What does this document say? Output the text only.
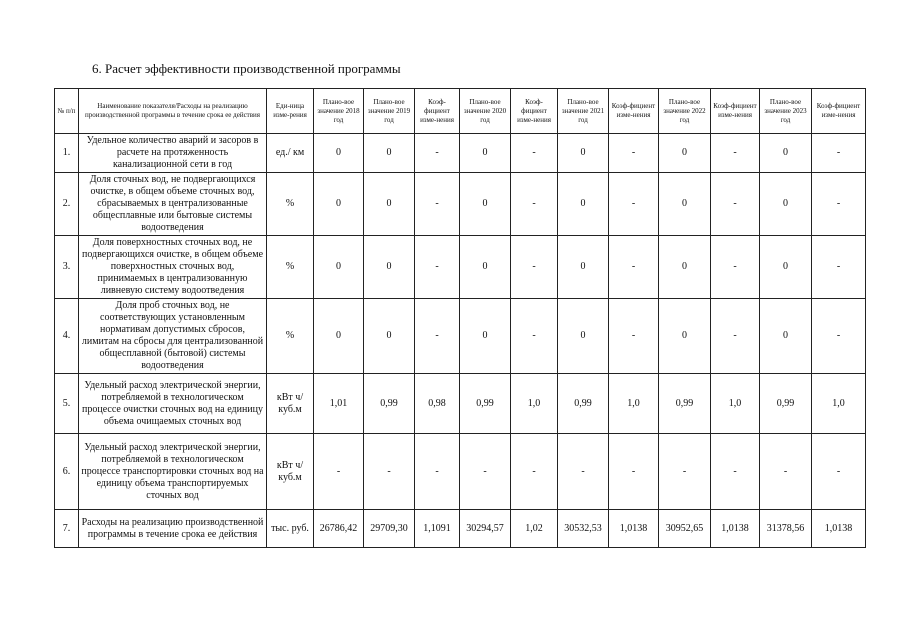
6. Расчет эффективности производственной программы
№ п/п	Наименование показателя/Расходы на реализацию производственной программы в течение срока ее действия	Еди-ница изме-рения	Плано-вое значение 2018 год	Плано-вое значение 2019 год	Коэф-фициент изме-нения	Плано-вое значение 2020 год	Коэф-фициент изме-нения	Плано-вое значение 2021 год	Коэф-фициент изме-нения	Плано-вое значение 2022 год	Коэф-фициент изме-нения	Плано-вое значение 2023 год	Коэф-фициент изме-нения
1.	Удельное количество аварий и засоров в расчете на протяженность канализационной сети в год	ед./ км	0	0	-	0	-	0	-	0	-	0	-
2.	Доля сточных вод, не подвергающихся очистке, в общем объеме сточных вод, сбрасываемых в централизованные общесплавные или бытовые системы водоотведения	%	0	0	-	0	-	0	-	0	-	0	-
3.	Доля поверхностных сточных вод, не подвергающихся очистке, в общем объеме поверхностных сточных вод, принимаемых в централизованную ливневую систему водоотведения	%	0	0	-	0	-	0	-	0	-	0	-
4.	Доля проб сточных вод, не соответствующих установленным нормативам допустимых сбросов, лимитам на сбросы для централизованной общесплавной (бытовой) системы водоотведения	%	0	0	-	0	-	0	-	0	-	0	-
5.	Удельный расход электрической энергии, потребляемой в технологическом процессе очистки сточных вод на единицу объема очищаемых сточных вод	кВт ч/куб.м	1,01	0,99	0,98	0,99	1,0	0,99	1,0	0,99	1,0	0,99	1,0
6.	Удельный расход электрической энергии, потребляемой в технологическом процессе транспортировки сточных вод на единицу объема транспортируемых сточных вод	кВт ч/куб.м	-	-	-	-	-	-	-	-	-	-	-
7.	Расходы на реализацию производственной программы в течение срока ее действия	тыс. руб.	26786,42	29709,30	1,1091	30294,57	1,02	30532,53	1,0138	30952,65	1,0138	31378,56	1,0138
